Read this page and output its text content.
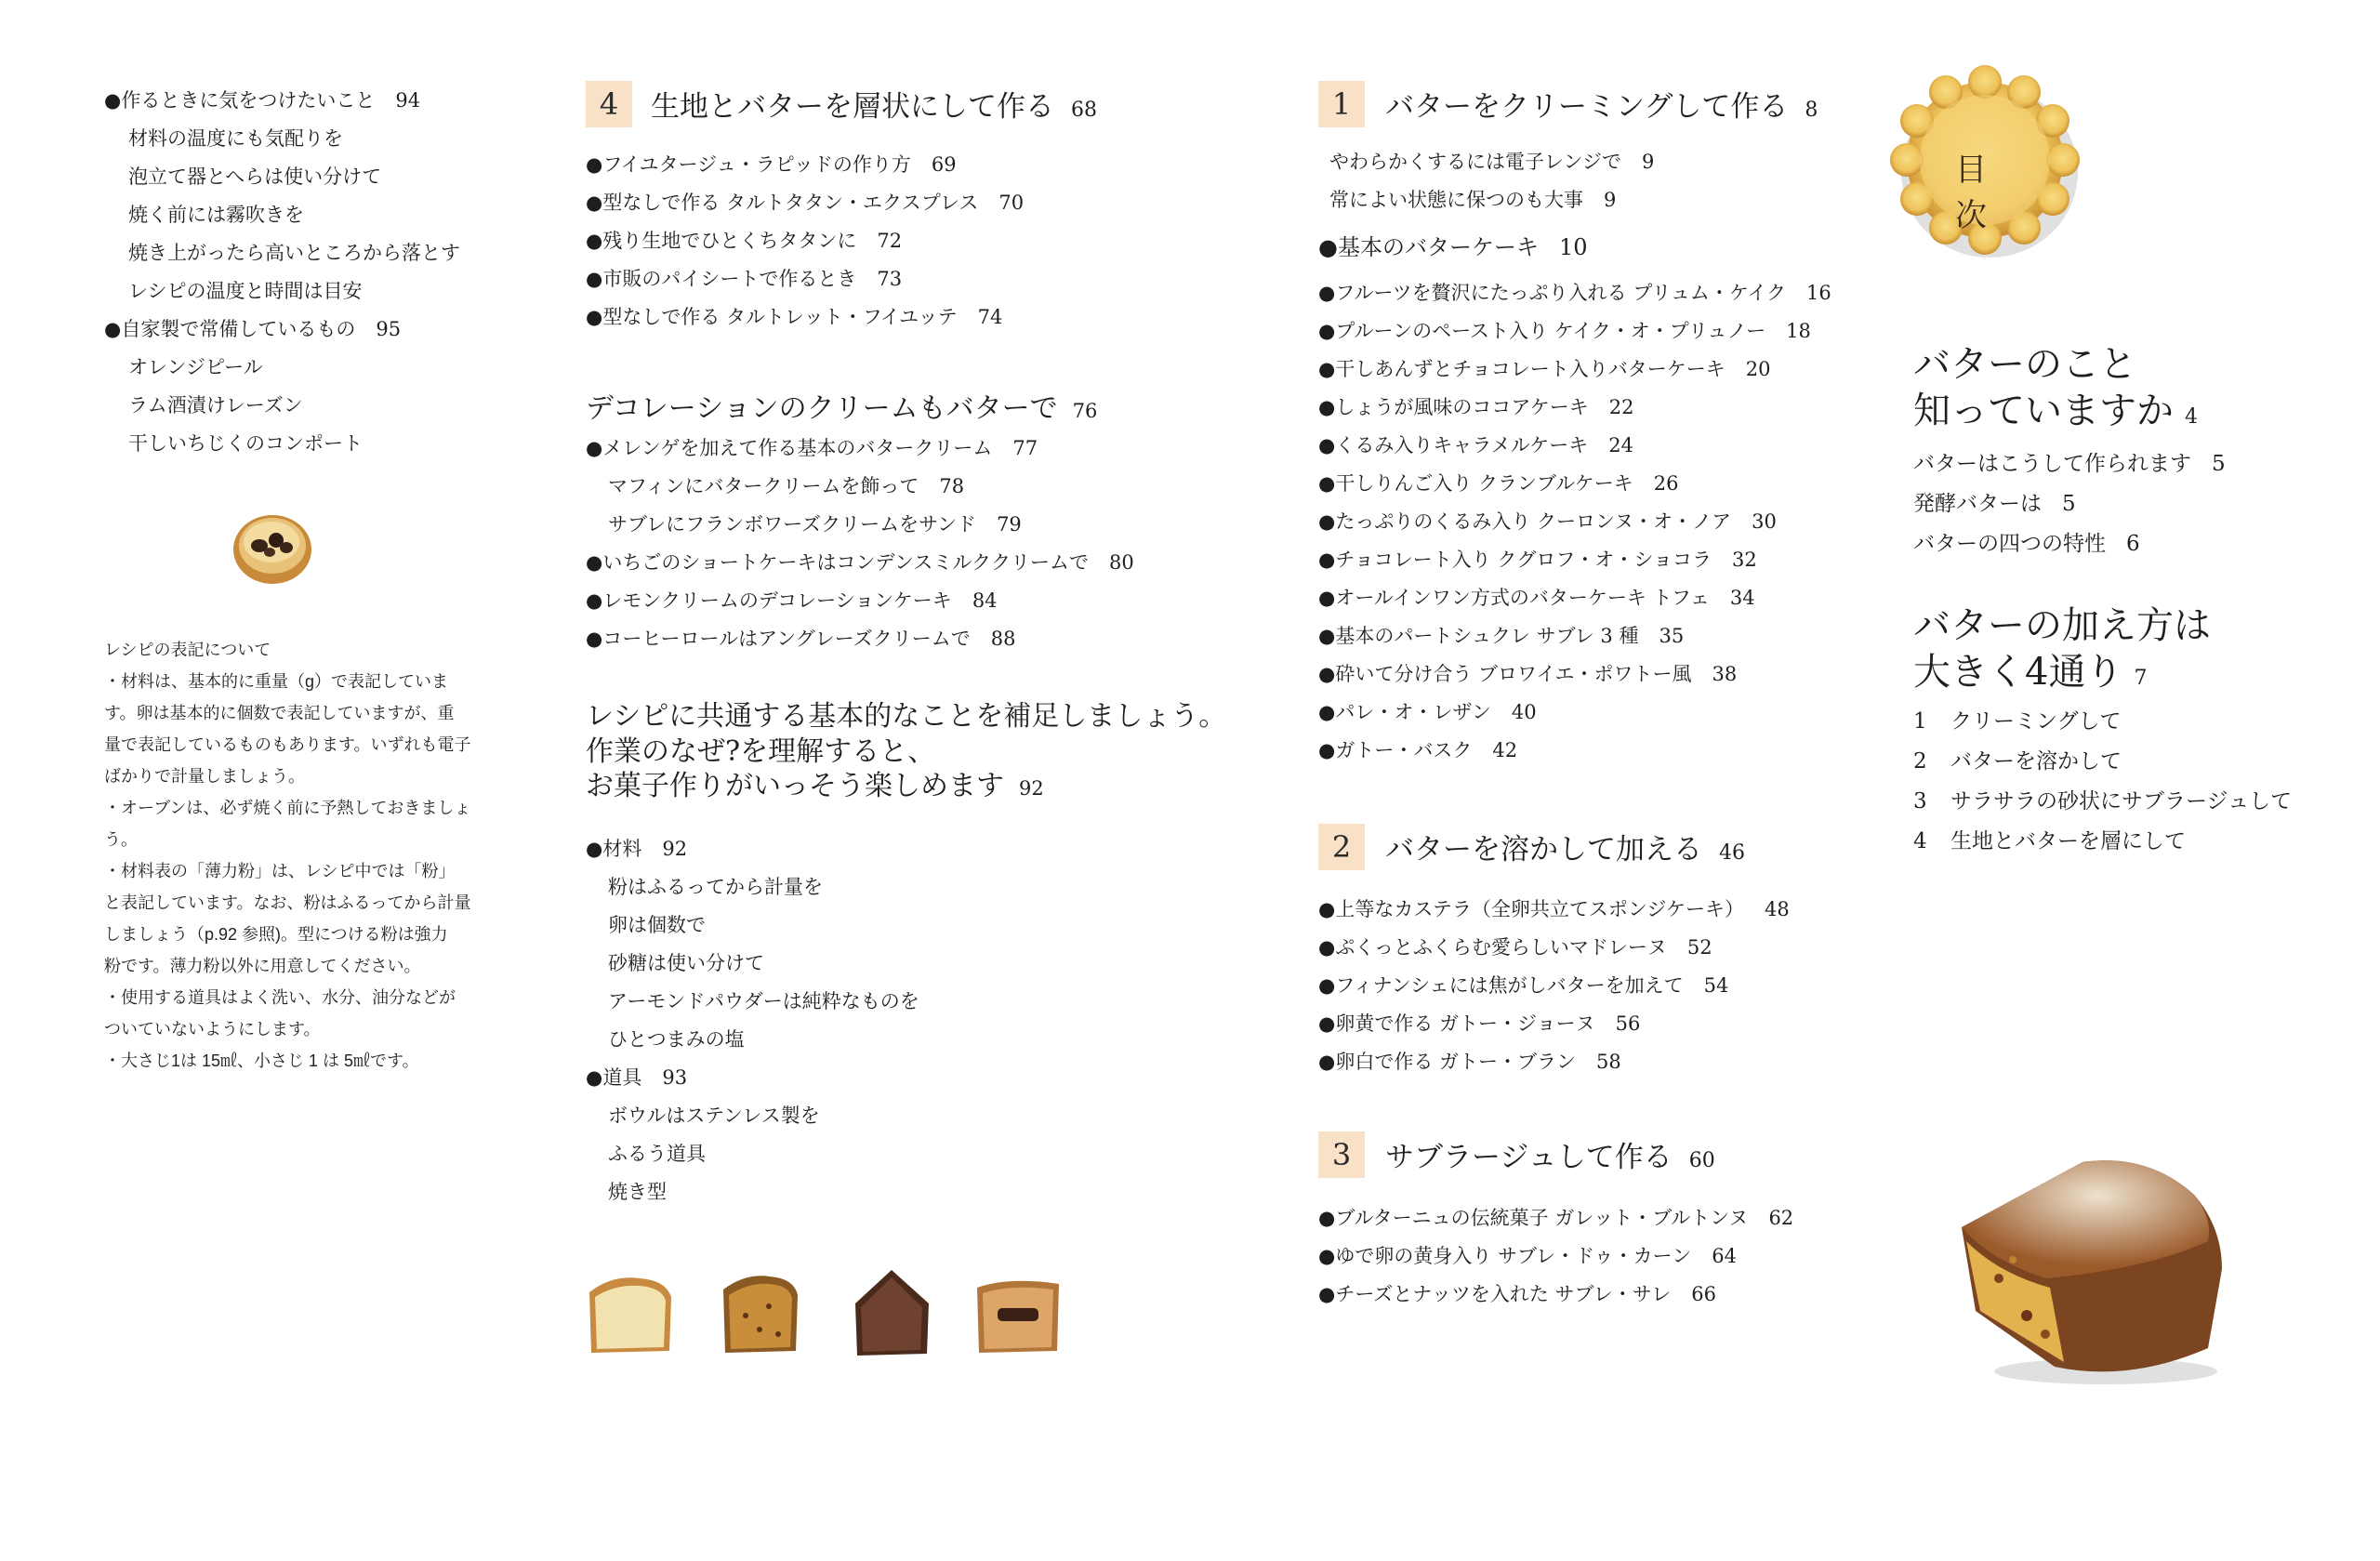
●作るときに気をつけたいこと 94
材料の温度にも気配りを
泡立て器とへらは使い分けて
焼く前には霧吹きを
焼き上がったら高いところから落とす
レシピの温度と時間は目安
●自家製で常備しているもの 95
オレンジピール
ラム酒漬けレーズン
干しいちじくのコンポート
レシピの表記について
・材料は、基本的に重量（g）で表記していま
す。卵は基本的に個数で表記していますが、重
量で表記しているものもあります。いずれも電子
ばかりで計量しましょう。
・オーブンは、必ず焼く前に予熱しておきましょう。
・材料表の「薄力粉」は、レシピ中では「粉」
と表記しています。なお、粉はふるってから計量
しましょう（p.92 参照)。型につける粉は強力
粉です。薄力粉以外に用意してください。
・使用する道具はよく洗い、水分、油分などが
ついていないようにします。
・大さじ1は 15㎖、小さじ 1 は 5㎖です。
4	生地とバターを層状にして作る 68
●フイユタージュ・ラピッドの作り方 69
●型なしで作る タルトタタン・エクスプレス 70
●残り生地でひとくちタタンに 72
●市販のパイシートで作るとき 73
●型なしで作る タルトレット・フイユッテ 74
デコレーションのクリームもバターで 76
●メレンゲを加えて作る基本のバタークリーム 77
マフィンにバタークリームを飾って 78
サブレにフランボワーズクリームをサンド 79
●いちごのショートケーキはコンデンスミルククリームで 80
●レモンクリームのデコレーションケーキ 84
●コーヒーロールはアングレーズクリームで 88
レシピに共通する基本的なことを補足しましょう。
作業のなぜ?を理解すると、
お菓子作りがいっそう楽しめます 92
●材料 92
粉はふるってから計量を
卵は個数で
砂糖は使い分けて
アーモンドパウダーは純粋なものを
ひとつまみの塩
●道具 93
ボウルはステンレス製を
ふるう道具
焼き型
1	バターをクリーミングして作る 8
やわらかくするには電子レンジで 9
常によい状態に保つのも大事 9
●基本のバターケーキ 10
●フルーツを贅沢にたっぷり入れる プリュム・ケイク 16
●プルーンのペースト入り ケイク・オ・プリュノー 18
●干しあんずとチョコレート入りバターケーキ 20
●しょうが風味のココアケーキ 22
●くるみ入りキャラメルケーキ 24
●干しりんご入り クランブルケーキ 26
●たっぷりのくるみ入り クーロンヌ・オ・ノア 30
●チョコレート入り クグロフ・オ・ショコラ 32
●オールインワン方式のバターケーキ トフェ 34
●基本のパートシュクレ サブレ 3 種 35
●砕いて分け合う ブロワイエ・ポワトー風 38
●パレ・オ・レザン 40
●ガトー・バスク 42
2	バターを溶かして加える 46
●上等なカステラ（全卵共立てスポンジケーキ） 48
●ぷくっとふくらむ愛らしいマドレーヌ 52
●フィナンシェには焦がしバターを加えて 54
●卵黄で作る ガトー・ジョーヌ 56
●卵白で作る ガトー・ブラン 58
3	サブラージュして作る 60
●ブルターニュの伝統菓子 ガレット・ブルトンヌ 62
●ゆで卵の黄身入り サブレ・ドゥ・カーン 64
●チーズとナッツを入れた サブレ・サレ 66
目次
バターのこと
知っていますか 4
バターはこうして作られます 5
発酵バターは 5
バターの四つの特性 6
バターの加え方は
大きく4通り 7
1 クリーミングして
2 バターを溶かして
3 サラサラの砂状にサブラージュして
4 生地とバターを層にして
